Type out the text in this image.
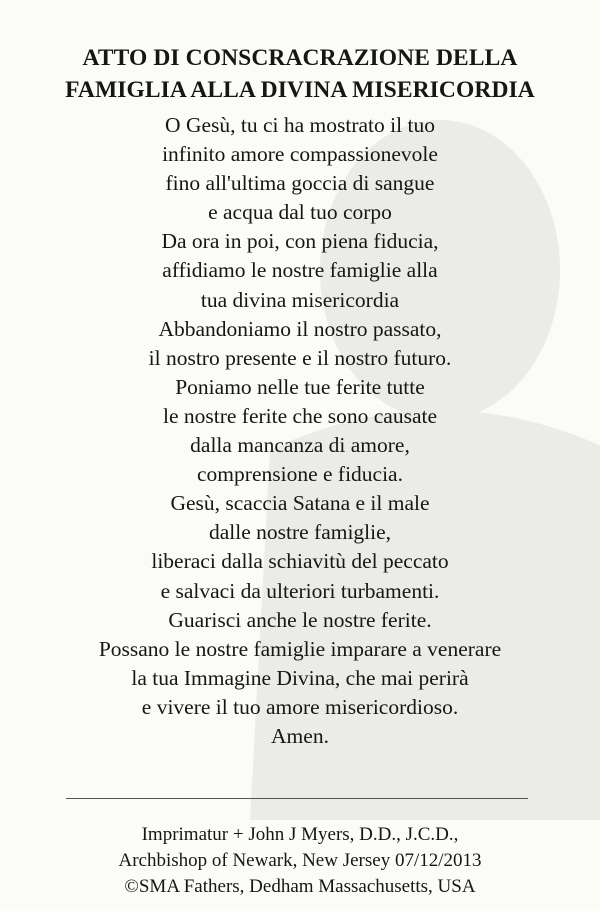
ATTO DI CONSCRACRAZIONE DELLA
FAMIGLIA ALLA DIVINA MISERICORDIA
O Gesù, tu ci ha mostrato il tuo
infinito amore compassionevole
fino all'ultima goccia di sangue
e acqua dal tuo corpo
Da ora in poi, con piena fiducia,
affidiamo le nostre famiglie alla
tua divina misericordia
Abbandoniamo il nostro passato,
il nostro presente e il nostro futuro.
Poniamo nelle tue ferite tutte
le nostre ferite che sono causate
dalla mancanza di amore,
comprensione e fiducia.
Gesù, scaccia Satana e il male
dalle nostre famiglie,
liberaci dalla schiavitù del peccato
e salvaci da ulteriori turbamenti.
Guarisci anche le nostre ferite.
Possano le nostre famiglie imparare a venerare
la tua Immagine Divina, che mai perirà
e vivere il tuo amore misericordioso.
Amen.
Imprimatur + John J Myers, D.D., J.C.D.,
Archbishop of Newark, New Jersey 07/12/2013
©SMA Fathers, Dedham Massachusetts, USA
